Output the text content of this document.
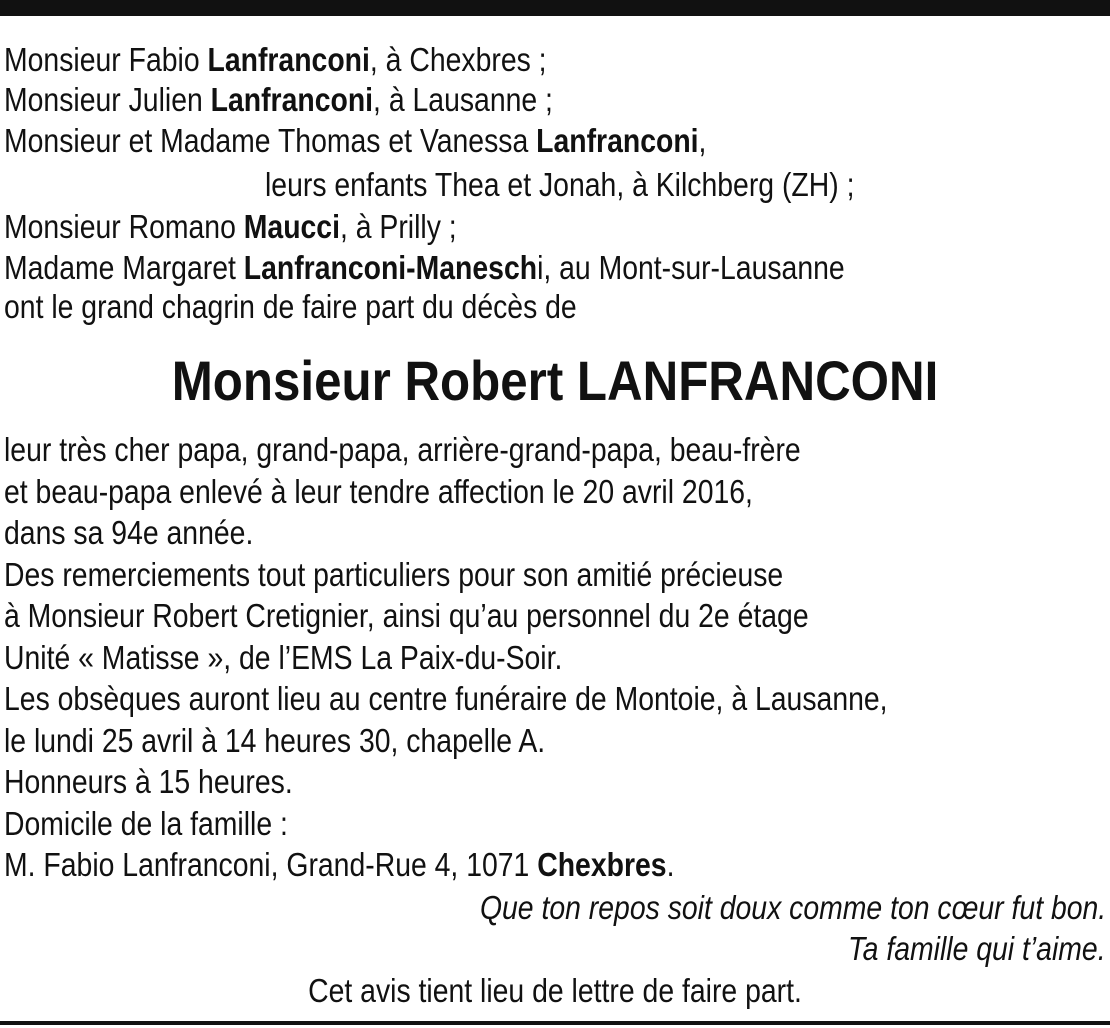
Monsieur Fabio Lanfranconi, à Chexbres ;
Monsieur Julien Lanfranconi, à Lausanne ;
Monsieur et Madame Thomas et Vanessa Lanfranconi,
leurs enfants Thea et Jonah, à Kilchberg (ZH) ;
Monsieur Romano Maucci, à Prilly ;
Madame Margaret Lanfranconi-Maneschi, au Mont-sur-Lausanne
ont le grand chagrin de faire part du décès de
Monsieur Robert LANFRANCONI
leur très cher papa, grand-papa, arrière-grand-papa, beau-frère
et beau-papa enlevé à leur tendre affection le 20 avril 2016,
dans sa 94e année.
Des remerciements tout particuliers pour son amitié précieuse
à Monsieur Robert Cretignier, ainsi qu’au personnel du 2e étage
Unité « Matisse », de l’EMS La Paix-du-Soir.
Les obsèques auront lieu au centre funéraire de Montoie, à Lausanne,
le lundi 25 avril à 14 heures 30, chapelle A.
Honneurs à 15 heures.
Domicile de la famille :
M. Fabio Lanfranconi, Grand-Rue 4, 1071 Chexbres.
Que ton repos soit doux comme ton cœur fut bon.
Ta famille qui t’aime.
Cet avis tient lieu de lettre de faire part.
